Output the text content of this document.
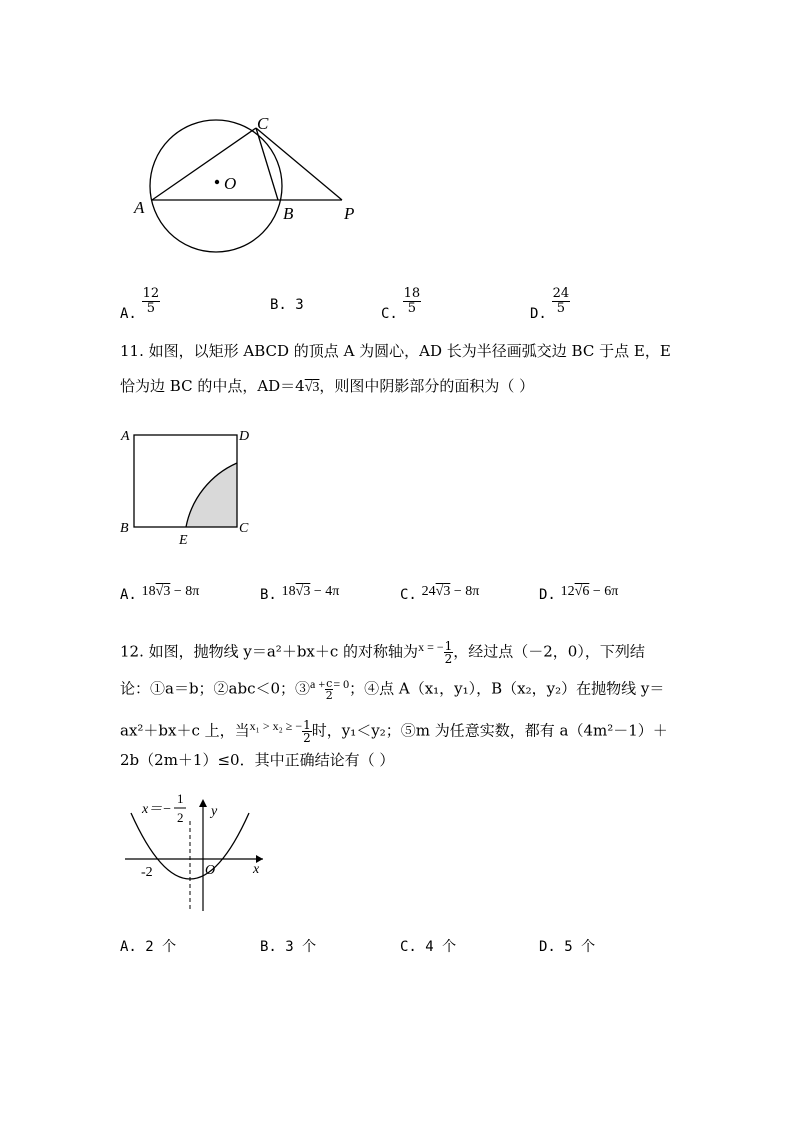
O
C
A	B	P
A. $\frac{12}{5}$	B. 3
C. $\frac{18}{5}$	D. $\frac{24}{5}$
11. 如图，以矩形 ABCD 的顶点 A 为圆心，AD 长为半径画弧交边 BC 于点 E，E
恰为边 BC 的中点，AD＝4√3，则图中阴影部分的面积为（ ）
A	D
B	C
E
A. 18√3 − 8π	B. 18√3 − 4π	C. 24√3 − 8π	D. 12√6 − 6π
12. 如图，抛物线 y＝a²＋bx＋c 的对称轴为$^{x = -} \frac{1}{2}$ ，经过点（－2，0），下列结
论：①a＝b；②abc＜0；③$^{a +}$ $\frac{c}{2} ^{= 0}$；④点 A（x₁，y₁），B（x₂，y₂）在抛物线 y＝
ax²＋bx＋c 上，当$^{x_1 > x_2 \ge -} \frac{1}{2}$ 时，y₁＜y₂；⑤m 为任意实数，都有 a（4m²－1）＋
2b（2m＋1）≤0．其中正确结论有（ ）
y
x
O
-2
x＝−
1
2
A. 2 个	B. 3 个	C. 4 个	D. 5 个
